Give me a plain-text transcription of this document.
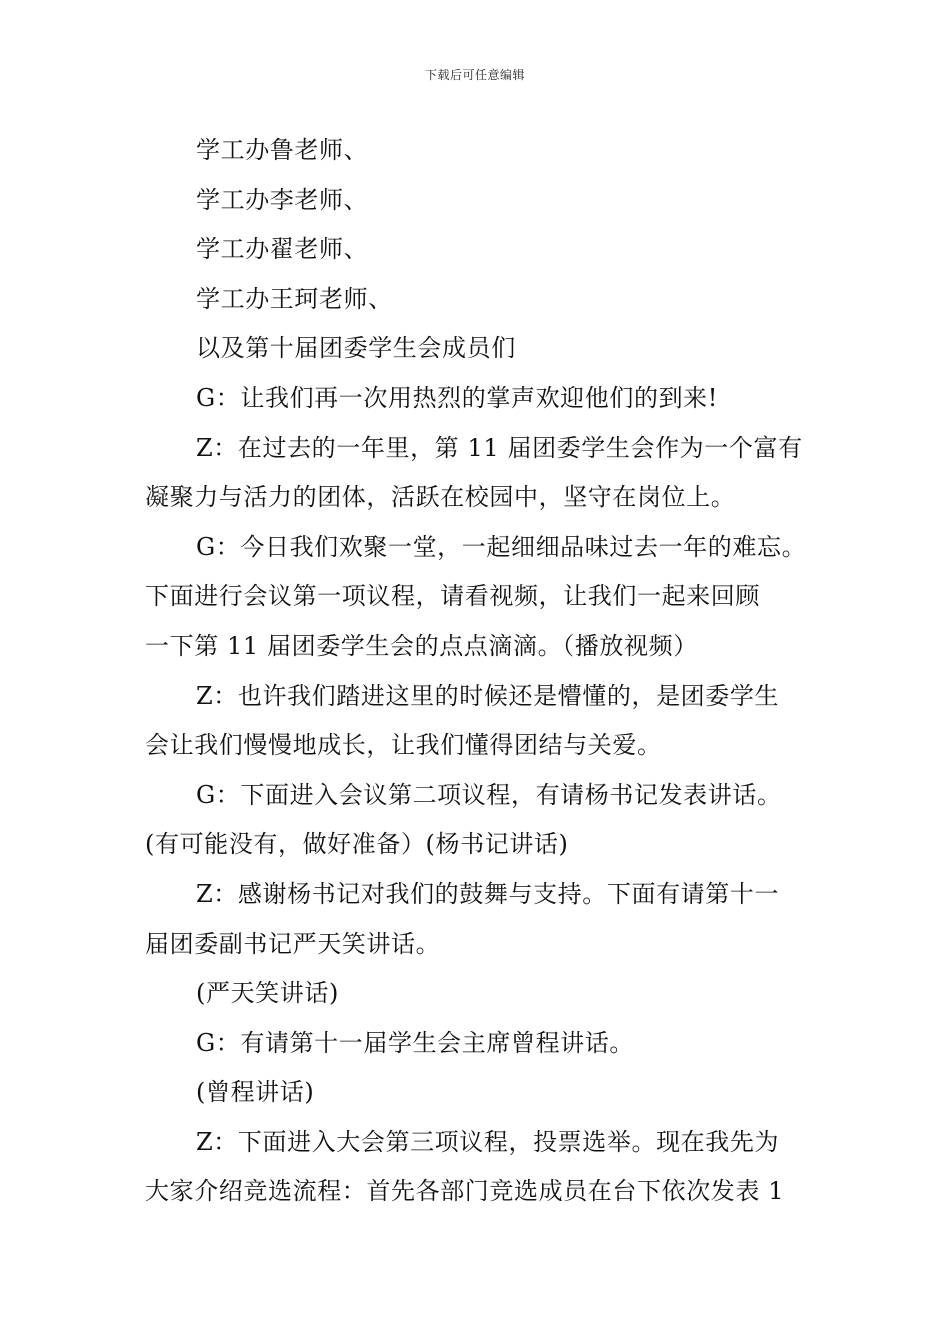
下载后可任意编辑
学工办鲁老师、
学工办李老师、
学工办翟老师、
学工办王珂老师、
以及第十届团委学生会成员们
G：让我们再一次用热烈的掌声欢迎他们的到来!
Z：在过去的一年里，第 11 届团委学生会作为一个富有
凝聚力与活力的团体，活跃在校园中，坚守在岗位上。
G：今日我们欢聚一堂，一起细细品味过去一年的难忘。
下面进行会议第一项议程，请看视频，让我们一起来回顾
一下第 11 届团委学生会的点点滴滴。（播放视频）
Z：也许我们踏进这里的时候还是懵懂的，是团委学生
会让我们慢慢地成长，让我们懂得团结与关爱。
G：下面进入会议第二项议程，有请杨书记发表讲话。
(有可能没有，做好准备）(杨书记讲话)
Z：感谢杨书记对我们的鼓舞与支持。下面有请第十一
届团委副书记严天笑讲话。
(严天笑讲话)
G：有请第十一届学生会主席曾程讲话。
(曾程讲话)
Z：下面进入大会第三项议程，投票选举。现在我先为
大家介绍竞选流程：首先各部门竞选成员在台下依次发表 1
